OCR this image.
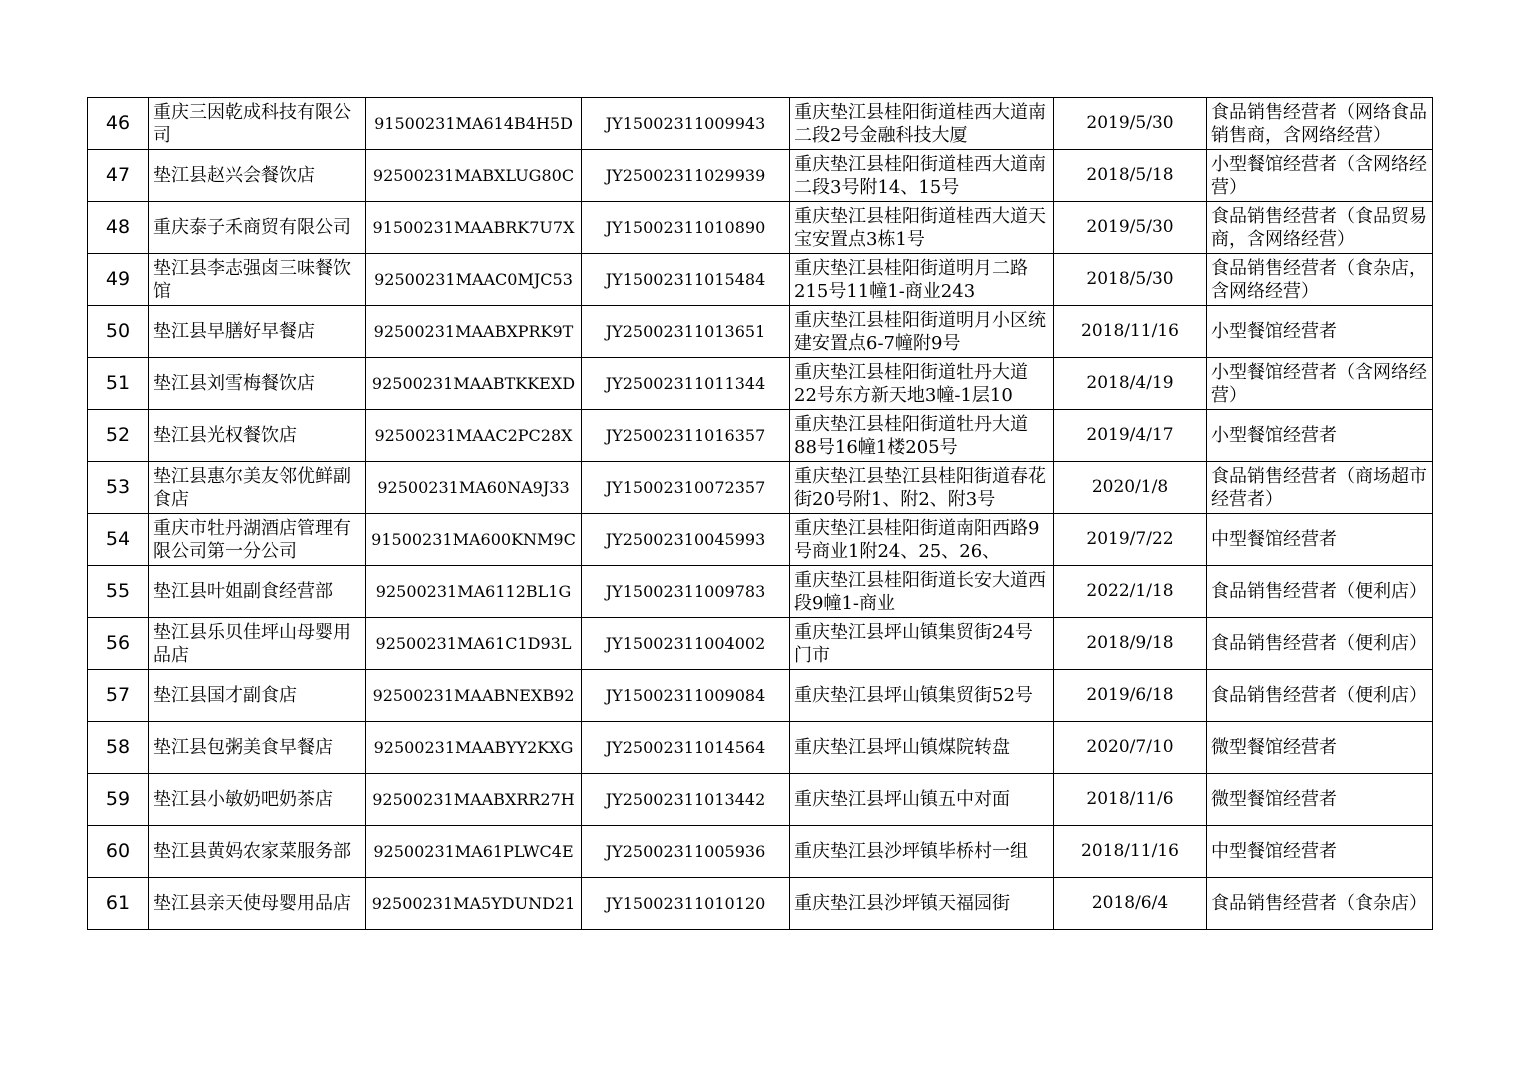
46	重庆三因乾成科技有限公司	91500231MA614B4H5D	JY15002311009943	重庆垫江县桂阳街道桂西大道南二段2号金融科技大厦	2019/5/30	食品销售经营者（网络食品销售商，含网络经营）
47	垫江县赵兴会餐饮店	92500231MABXLUG80C	JY25002311029939	重庆垫江县桂阳街道桂西大道南二段3号附14、15号	2018/5/18	小型餐馆经营者（含网络经营）
48	重庆泰子禾商贸有限公司	91500231MAABRK7U7X	JY15002311010890	重庆垫江县桂阳街道桂西大道天宝安置点3栋1号	2019/5/30	食品销售经营者（食品贸易商，含网络经营）
49	垫江县李志强卤三味餐饮馆	92500231MAAC0MJC53	JY15002311015484	重庆垫江县桂阳街道明月二路215号11幢1-商业243	2018/5/30	食品销售经营者（食杂店，含网络经营）
50	垫江县早膳好早餐店	92500231MAABXPRK9T	JY25002311013651	重庆垫江县桂阳街道明月小区统建安置点6-7幢附9号	2018/11/16	小型餐馆经营者
51	垫江县刘雪梅餐饮店	92500231MAABTKKEXD	JY25002311011344	重庆垫江县桂阳街道牡丹大道22号东方新天地3幢-1层10	2018/4/19	小型餐馆经营者（含网络经营）
52	垫江县光权餐饮店	92500231MAAC2PC28X	JY25002311016357	重庆垫江县桂阳街道牡丹大道88号16幢1楼205号	2019/4/17	小型餐馆经营者
53	垫江县惠尔美友邻优鲜副食店	92500231MA60NA9J33	JY15002310072357	重庆垫江县垫江县桂阳街道春花街20号附1、附2、附3号	2020/1/8	食品销售经营者（商场超市经营者）
54	重庆市牡丹湖酒店管理有限公司第一分公司	91500231MA600KNM9C	JY25002310045993	重庆垫江县桂阳街道南阳西路9号商业1附24、25、26、	2019/7/22	中型餐馆经营者
55	垫江县叶姐副食经营部	92500231MA6112BL1G	JY15002311009783	重庆垫江县桂阳街道长安大道西段9幢1-商业	2022/1/18	食品销售经营者（便利店）
56	垫江县乐贝佳坪山母婴用品店	92500231MA61C1D93L	JY15002311004002	重庆垫江县坪山镇集贸街24号门市	2018/9/18	食品销售经营者（便利店）
57	垫江县国才副食店	92500231MAABNEXB92	JY15002311009084	重庆垫江县坪山镇集贸街52号	2019/6/18	食品销售经营者（便利店）
58	垫江县包粥美食早餐店	92500231MAABYY2KXG	JY25002311014564	重庆垫江县坪山镇煤院转盘	2020/7/10	微型餐馆经营者
59	垫江县小敏奶吧奶茶店	92500231MAABXRR27H	JY25002311013442	重庆垫江县坪山镇五中对面	2018/11/6	微型餐馆经营者
60	垫江县黄妈农家菜服务部	92500231MA61PLWC4E	JY25002311005936	重庆垫江县沙坪镇毕桥村一组	2018/11/16	中型餐馆经营者
61	垫江县亲天使母婴用品店	92500231MA5YDUND21	JY15002311010120	重庆垫江县沙坪镇天福园街	2018/6/4	食品销售经营者（食杂店）
